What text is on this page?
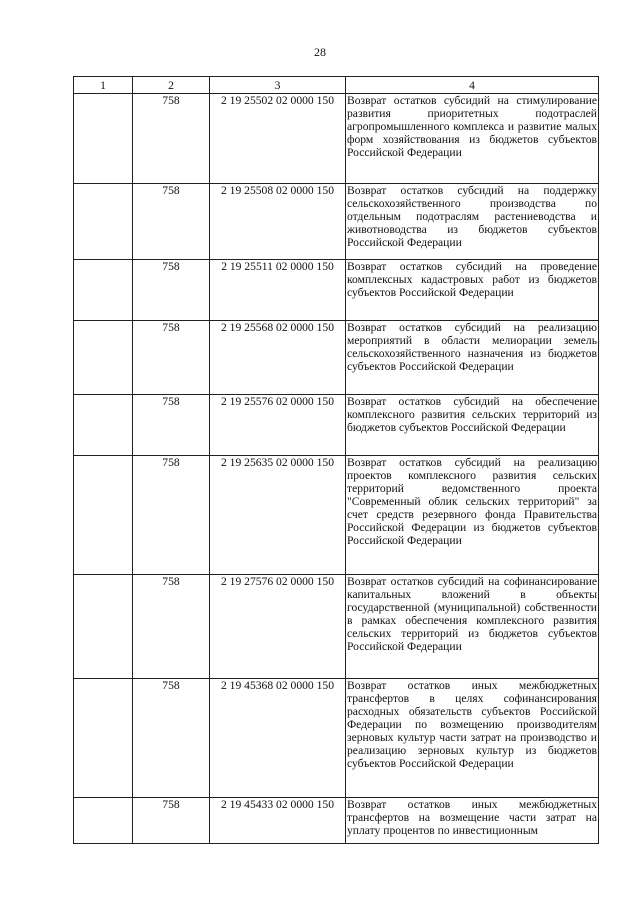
28
1	2	3	4
	758	2 19 25502 02 0000 150	Возврат остатков субсидий на стимулирование развития приоритетных подотраслей агропромышленного комплекса и развитие малых форм хозяйствования из бюджетов субъектов Российской Федерации
	758	2 19 25508 02 0000 150	Возврат остатков субсидий на поддержку сельскохозяйственного производства по отдельным подотраслям растениеводства и животноводства из бюджетов субъектов Российской Федерации
	758	2 19 25511 02 0000 150	Возврат остатков субсидий на проведение комплексных кадастровых работ из бюджетов субъектов Российской Федерации
	758	2 19 25568 02 0000 150	Возврат остатков субсидий на реализацию мероприятий в области мелиорации земель сельскохозяйственного назначения из бюджетов субъектов Российской Федерации
	758	2 19 25576 02 0000 150	Возврат остатков субсидий на обеспечение комплексного развития сельских территорий из бюджетов субъектов Российской Федерации
	758	2 19 25635 02 0000 150	Возврат остатков субсидий на реализацию проектов комплексного развития сельских территорий ведомственного проекта "Современный облик сельских территорий" за счет средств резервного фонда Правительства Российской Федерации из бюджетов субъектов Российской Федерации
	758	2 19 27576 02 0000 150	Возврат остатков субсидий на софинансирование капитальных вложений в объекты государственной (муниципальной) собственности в рамках обеспечения комплексного развития сельских территорий из бюджетов субъектов Российской Федерации
	758	2 19 45368 02 0000 150	Возврат остатков иных межбюджетных трансфертов в целях софинансирования расходных обязательств субъектов Российской Федерации по возмещению производителям зерновых культур части затрат на производство и реализацию зерновых культур из бюджетов субъектов Российской Федерации
	758	2 19 45433 02 0000 150	Возврат остатков иных межбюджетных трансфертов на возмещение части затрат на уплату процентов по инвестиционным
